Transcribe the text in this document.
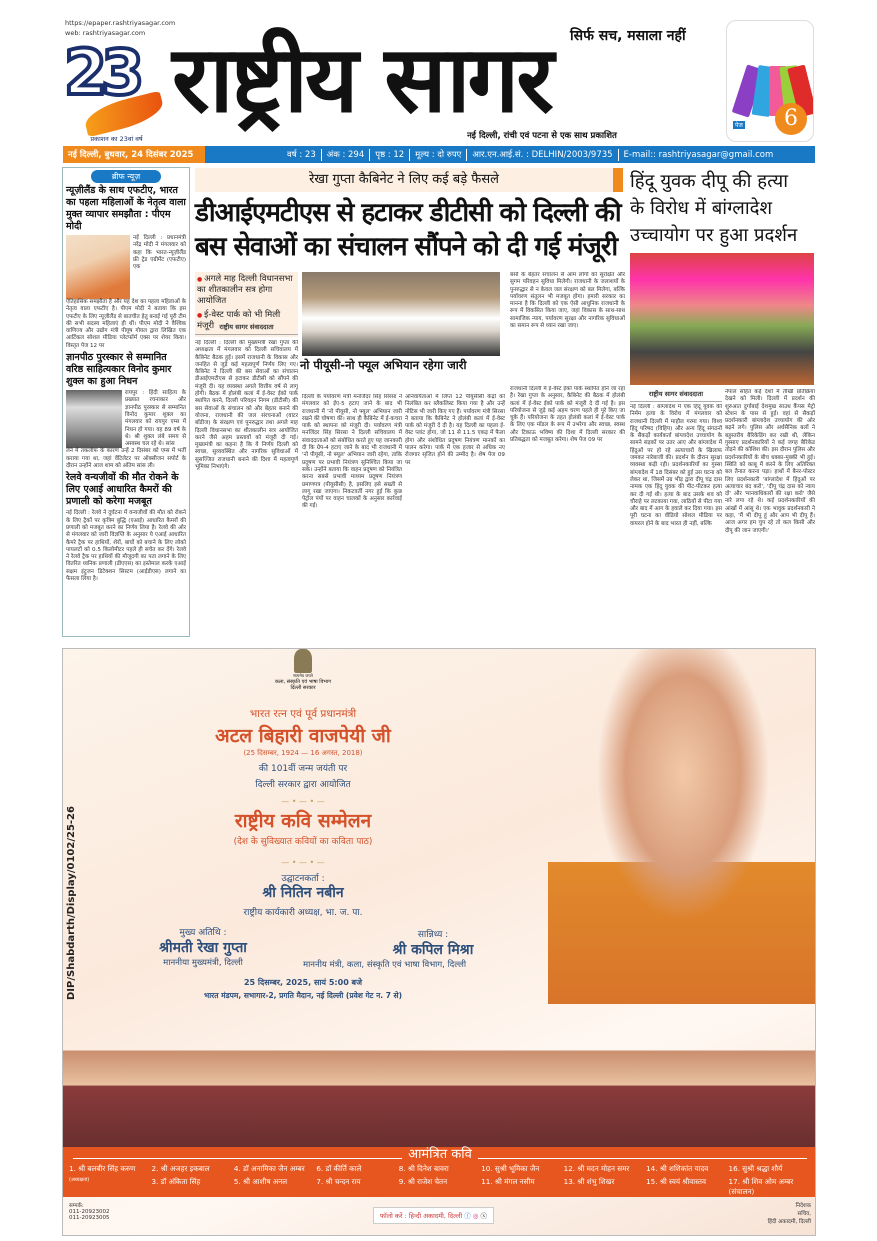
https://epaper.rashtriyasagar.com
web: rashtriyasagar.com
23
प्रकाशन का 23वां वर्ष
राष्ट्रीय सागर सिर्फ सच, मसाला नहीं
नई दिल्ली, रांची एवं पटना से एक साथ प्रकाशित
पेज	6
नई दिल्ली, बुधवार, 24 दिसंबर 2025	वर्ष : 23 अंक : 294 पृष्ठ : 12 मूल्य : दो रुपए आर.एन.आई.सं. : DELHIN/2003/9735 E-mail:: rashtriyasagar@gmail.com
ब्रीफ न्यूज़
न्यूज़ीलैंड के साथ एफटीए, भारत का पहला महिलाओं के नेतृत्व वाला मुक्त व्यापार समझौता : पीएम मोदी
नई दिल्ली : प्रधानमंत्री नरेंद्र मोदी ने मंगलवार को कहा कि भारत-न्यूज़ीलैंड फ्री ट्रेड एग्रीमेंट (एफटीए) एक
ऐतिहासिक समझौता है और यह देश का पहला महिलाओं के नेतृत्व वाला एफटीए है। पीएम मोदी ने बताया कि इस एफटीए के लिए न्यूज़ीलैंड से बातचीत हेतु बनाई गई पूरी टीम की सभी सदस्य महिलाएं ही थीं। पीएम मोदी ने वैश्विक वाणिज्य और उद्योग मंत्री पीयूष गोयल द्वारा लिखित एक आर्टिकल सोशल मीडिया प्लेटफॉर्म एक्स पर शेयर किया। विस्तृत पेज 12 पर
ज्ञानपीठ पुरस्कार से सम्मानित वरिष्ठ साहित्यकार विनोद कुमार शुक्ल का हुआ निधन
रायपुर : हिंदी साहित्य के प्रख्यात रचनाकार और ज्ञानपीठ पुरस्कार से सम्मानित विनोद कुमार शुक्ल का मंगलवार को रायपुर एम्स में निधन हो गया। वह 89 वर्ष के थे। श्री शुक्ल लंबे समय से अस्वस्थ चल रहे थे। सांस
लेने में तकलीफ के कारण उन्हें 2 दिसंबर को एम्स में भर्ती कराया गया था, जहां वेंटिलेटर पर ऑक्सीजन सपोर्ट के दौरान उन्होंने आज शाम को अंतिम सांस ली।
रेलवे वन्यजीवों की मौत रोकने के लिए एआई आधारित कैमरों की प्रणाली को करेगा मजबूत
नई दिल्ली : रेलवे ने दुर्घटना में वन्यजीवों की मौत को रोकने के लिए ट्रैकों पर कृत्रिम बुद्धि (एआई) आधारित कैमरों की प्रणाली को मजबूत करने का निर्णय लिया है। रेलवे की ओर से मंगलवार को जारी विज्ञप्ति के अनुसार ये एआई आधारित कैमरे ट्रैक पर हाथियों, शेरों, बाघों को बचाने के लिए लोको पायलटों को 0.5 किलोमीटर पहले ही सचेत कर देंगे। रेलवे ने रेलवे ट्रैक पर हाथियों की मौजूदगी का पता लगाने के लिए वितरित ध्वनिक प्रणाली (डीएएस) का इस्तेमाल करके एआई सक्षम इंट्रूजन डिटेक्शन सिस्टम (आईडीएस) लगाने का फैसला लिया है।
रेखा गुप्ता कैबिनेट ने लिए कई बड़े फैसले
डीआईएमटीएस से हटाकर डीटीसी को दिल्ली की
बस सेवाओं का संचालन सौंपने को दी गई मंजूरी
● अगले माह दिल्ली विधानसभा का शीतकालीन सत्र होगा आयोजित
● ई-वेस्ट पार्क को भी मिली मंजूरी राष्ट्रीय सागर संवाददाता
नई दिल्ली : दिल्ली की मुख्यमंत्री रेखा गुप्ता की अध्यक्षता में मंगलवार को दिल्ली सचिवालय में कैबिनेट बैठक हुई। इसमें राजधानी के विकास और जनहित से जुड़े कई महत्वपूर्ण निर्णय लिए गए। कैबिनेट ने दिल्ली की बस सेवाओं का संचालन डीआईएमटीएस से हटाकर डीटीसी को सौंपने की मंजूरी दी। यह व्यवस्था अगले वित्तीय वर्ष से लागू होगी। बैठक में होलंबी कलां में ई-वेस्ट ईको पार्क स्थापित करने, दिल्ली परिवहन निगम (डीटीसी) की बस सेवाओं के संचालन को और बेहतर बनाने की योजना, राजधानी की जल संरचनाओं (वाटर बॉडीज) के संरक्षण एवं पुनरुद्धार तथा अगले माह दिल्ली विधानसभा का शीतकालीन सत्र आयोजित करने जैसे अहम प्रस्तावों को मंजूरी दी गई। मुख्यमंत्री का कहना है कि ये निर्णय दिल्ली को स्वच्छ, सुव्यवस्थित और नागरिक सुविधाओं में सुसज्जित राजधानी बनाने की दिशा में महत्वपूर्ण भूमिका निभाएंगे।
नो पीयूसी-नो फ्यूल अभियान रहेगा जारी
बसों के बेहतर संचालन से आम लोगों को सुरक्षित और सुगम परिवहन सुविधा मिलेगी। राजधानी के जलाशयों के पुनरुद्धार से न केवल जल संरक्षण को बल मिलेगा, बल्कि पर्यावरण संतुलन भी मजबूत होगा। हमारी सरकार का मानना है कि दिल्ली को एक ऐसी आधुनिक राजधानी के रूप में विकसित किया जाए, जहां विकास के साथ-साथ सामाजिक न्याय, पर्यावरण सुरक्षा और नागरिक सुविधाओं का समान रूप से ध्यान रखा जाए।
दिल्ली के पर्यावरण मंत्री मनजिंदर सिंह सिरसा ने मंगलवार को ईए-5 हटाए जाने के बाद भी राजधानी में 'नो पीयूसी, नो फ्यूल' अभियान जारी रखने की घोषणा की। साथ ही कैबिनेट में ई-कचरा पार्क को स्थापना को मंजूरी दी। पर्यावरण मंत्री मनजिंदर सिंह सिरसा ने दिल्ली सचिवालय में संवाददाताओं को संबोधित करते हुए यह जानकारी दी कि ग्रेप-4 हटाए जाने के बाद भी राजधानी में 'नो पीयूसी, नो फ्यूल' अभियान जारी रहेगा, ताकि प्रदूषण पर प्रभावी नियंत्रण सुनिश्चित किया जा सके। उन्होंने बताया कि वाहन प्रदूषण को नियंत्रित करना सबसे प्रभावी माध्यम प्रदूषण नियंत्रण प्रमाणपत्र (पीयूसीसी) है, इसलिए इसे सख्ती से लागू रखा जाएगा। निकटवर्ती नगर हुई कि कुछ पेट्रोल पंपों पर वाहन चालकों के अनुसार कार्रवाई की गई।
अनिवार्यताओं में लिप्त 12 पीयूसीसी केंद्रों को निलंबित कर ब्लैकलिस्ट किया गया है और उन्हें नोटिस भी जारी किए गए हैं। पर्यावरण मंत्री सिरसा ने बताया कि कैबिनेट ने होलंबी कलां में ई-वेस्ट पार्क को मंजूरी दे दी है। यह दिल्ली का पहला ई-वेस्ट प्लांट होगा, जो 11 से 11.5 एकड़ में फैला होगा और संशोधित प्रदूषण नियंत्रण मानकों का पालन करेगा। पार्क में एक हजार से अधिक नए रोजगार सृजित होने की उम्मीद है। शेष पेज 09 पर
राजधानी दिल्ली में ई-वेस्ट ईको पार्क स्थापित होने जा रहा है। रेखा गुप्ता के अनुसार, कैबिनेट की बैठक में होलंबी कलां में ई-वेस्ट ईको पार्क को मंजूरी दे दी गई है। इस परियोजना से जुड़े कई अहम चरण पहले ही पूरे किए जा चुके हैं। परियोजना के तहत होलंबी कलां में ई-वेस्ट पार्क के लिए एक मॉडल के रूप में उभरेगा और स्वच्छ, स्वस्थ और टिकाऊ भविष्य की दिशा में दिल्ली सरकार की प्रतिबद्धता को मजबूत करेगा। शेष पेज 09 पर
हिंदू युवक दीपू की हत्या
के विरोध में बांग्लादेश
उच्चायोग पर हुआ प्रदर्शन
राष्ट्रीय सागर संवाददाता
नई दिल्ली : बांग्लादेश में एक हिंदू युवक की निर्मम हत्या के विरोध में मंगलवार को राजधानी दिल्ली में माहौल गरमा गया। विश्व हिंदू परिषद (विहिप) और अन्य हिंदू संगठनों के सैकड़ों कार्यकर्ता बांग्लादेश उच्चायोग के सामने सड़कों पर उतर आए और बांग्लादेश में हिंदुओं पर हो रहे अत्याचारों के खिलाफ जमकर नारेबाजी की। प्रदर्शन के दौरान सुरक्षा व्यवस्था कड़ी रही। प्रदर्शनकारियों का गुस्सा बांग्लादेश में 18 दिसंबर को हुई उस घटना को लेकर था, जिसमें उग्र भीड़ द्वारा दीपू चंद्र दास नामक एक हिंदू युवक की पीट-पीटकर हत्या कर दी गई थी। हत्या के बाद उसके शव को चौराहे पर लटकाया गया, लाठियों से पीटा गया और बाद में आग के हवाले कर दिया गया। इस पूरी घटना का वीडियो सोशल मीडिया पर वायरल होने के बाद भारत ही नहीं, बल्कि
नेपाल सहित कई देशों में तीखी प्रतिक्रिया देखने को मिली। दिल्ली में प्रदर्शन की शुरुआत दुर्गाबाई देशमुख साउथ कैंपस मेट्रो स्टेशन के पास से हुई। वहां से सैकड़ों प्रदर्शनकारी बांग्लादेश उच्चायोग की ओर बढ़ने लगे। पुलिस और अर्धसैनिक बलों ने बहुस्तरीय बैरिकेडिंग कर रखी थी, लेकिन गुस्साए प्रदर्शनकारियों ने कई जगह बैरिकेड तोड़ने की कोशिश की। इस दौरान पुलिस और प्रदर्शनकारियों के बीच धक्का-मुक्की भी हुई। स्थिति को काबू में करने के लिए अतिरिक्त बल तैनात करना पड़ा। हाथों में बैनर-पोस्टर लिए प्रदर्शनकारी 'बांग्लादेश में हिंदुओं पर अत्याचार बंद करो', 'दीपू चंद्र दास को न्याय दो' और 'मानवाधिकारों की रक्षा करो' जैसे नारे लगा रहे थे। कई प्रदर्शनकारियों की आंखों में आंसू थे। एक भावुक प्रदर्शनकारी ने कहा, 'मैं भी दीपू हूं और आप भी दीपू हैं। आज अगर हम चुप रहे तो कल किसी और दीपू की जान जाएगी।'
सत्यमेव जयते
कला, संस्कृति एवं भाषा विभाग
दिल्ली सरकार
भारत रत्न एवं पूर्व प्रधानमंत्री
अटल बिहारी वाजपेयी जी
(25 दिसम्बर, 1924 — 16 अगस्त, 2018)
की 101वीं जन्म जयंती पर
दिल्ली सरकार द्वारा आयोजित
— • — • —
राष्ट्रीय कवि सम्मेलन
(देश के सुविख्यात कवियों का कविता पाठ)
— • — • —
उद्घाटनकर्ता :
श्री नितिन नबीन
राष्ट्रीय कार्यकारी अध्यक्ष, भा. ज. पा.
मुख्य अतिथि :
श्रीमती रेखा गुप्ता
माननीया मुख्यमंत्री, दिल्ली
सान्निध्य :
श्री कपिल मिश्रा
माननीय मंत्री, कला, संस्कृति एवं भाषा विभाग, दिल्ली
25 दिसम्बर, 2025, सायं 5:00 बजे
भारत मंडपम, सभागार-2, प्रगति मैदान, नई दिल्ली (प्रवेश गेट न. 7 से)
आमंत्रित कवि
1. श्री बलबीर सिंह करुण	2. श्री अजहर इकबाल	4. डॉ अनामिका जैन अम्बर	6. डॉ कीर्ति काले	8. श्री दिनेश बावरा	10. सुश्री भूमिका जैन	12. श्री मदन मोहन समर	14. श्री शशिकांत यादव	16. सुश्री श्रद्धा शौर्य
(अध्यक्षता)	3. डॉ अंकिता सिंह	5. श्री आशीष अनल	7. श्री चन्दन राय	9. श्री राजेश चेतन	11. श्री मंगल नसीम	13. श्री शंभु शिखर	15. श्री स्वयं श्रीवास्तव	17. श्री शिव ओम अम्बर (संचालन)
सम्पर्क:
011-20923002
011-20923005	फॉलो करें : हिन्दी अकादमी, दिल्ली ⓕ ◎ ⓧ
निदेशक
सचिव,
हिंदी अकादमी, दिल्ली
DIP/Shabdarth/Display/0102/25-26
